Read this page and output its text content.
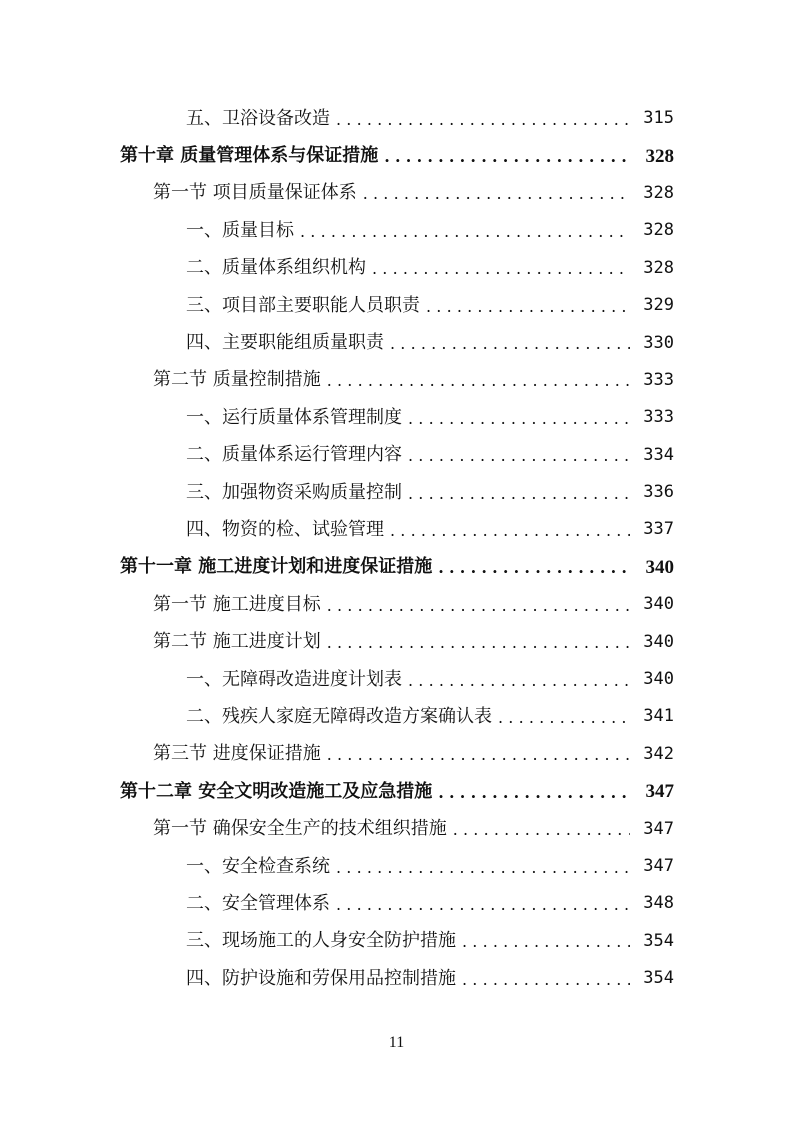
五、卫浴设备改造 .....	315
第十章 质量管理体系与保证措施 .....	328
第一节 项目质量保证体系 .....	328
一、质量目标 .....	328
二、质量体系组织机构 .....	328
三、项目部主要职能人员职责 .....	329
四、主要职能组质量职责 .....	330
第二节 质量控制措施 .....	333
一、运行质量体系管理制度 .....	333
二、质量体系运行管理内容 .....	334
三、加强物资采购质量控制 .....	336
四、物资的检、试验管理 .....	337
第十一章 施工进度计划和进度保证措施 .....	340
第一节 施工进度目标 .....	340
第二节 施工进度计划 .....	340
一、无障碍改造进度计划表 .....	340
二、残疾人家庭无障碍改造方案确认表 .....	341
第三节 进度保证措施 .....	342
第十二章 安全文明改造施工及应急措施 .....	347
第一节 确保安全生产的技术组织措施 .....	347
一、安全检查系统 .....	347
二、安全管理体系 .....	348
三、现场施工的人身安全防护措施 .....	354
四、防护设施和劳保用品控制措施 .....	354
11
